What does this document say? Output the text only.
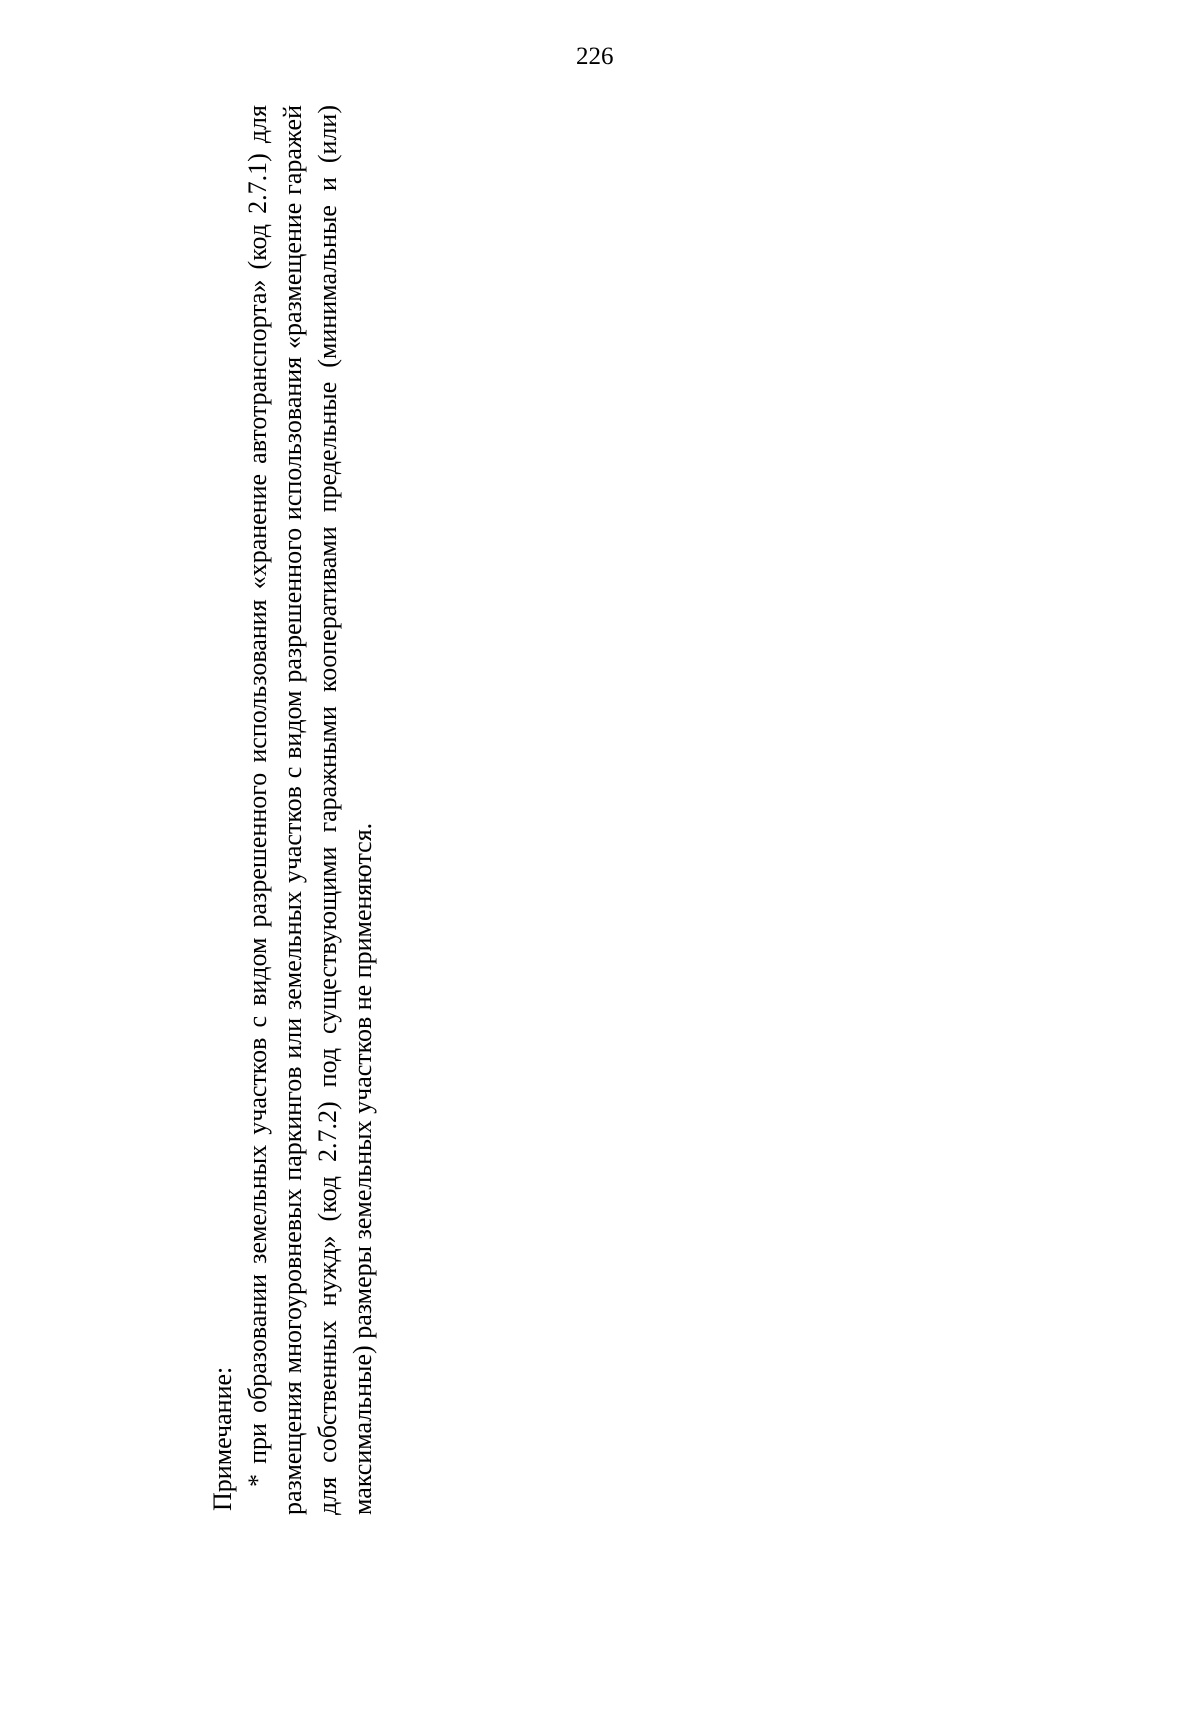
226

Примечание: * при образовании земельных участков с видом разрешенного использования «хранение автотранспорта» (код 2.7.1) для размещения многоуровневых паркингов или земельных участков с видом разрешенного использования «размещение гаражей для собственных нужд» (код 2.7.2) под существующими гаражными кооперативами предельные (минимальные и (или) максимальные) размеры земельных участков не применяются.
